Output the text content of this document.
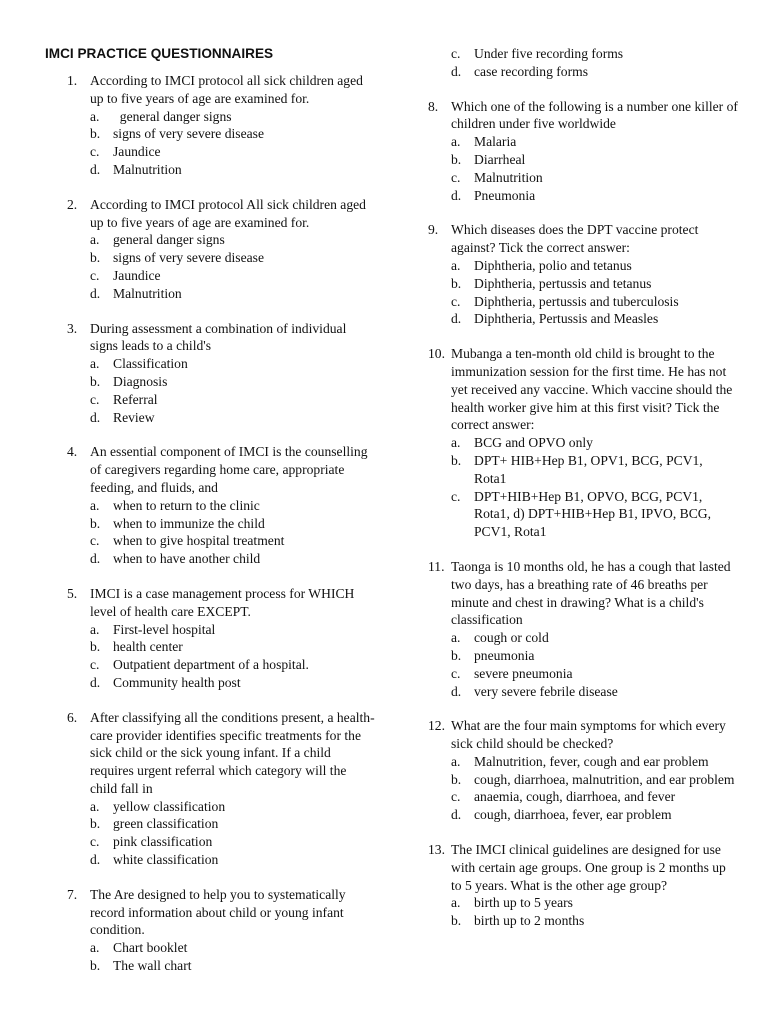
IMCI PRACTICE QUESTIONNAIRES
1. According to IMCI protocol all sick children aged up to five years of age are examined for.
a. general danger signs
b. signs of very severe disease
c. Jaundice
d. Malnutrition
2. According to IMCI protocol All sick children aged up to five years of age are examined for.
a. general danger signs
b. signs of very severe disease
c. Jaundice
d. Malnutrition
3. During assessment a combination of individual signs leads to a child's
a. Classification
b. Diagnosis
c. Referral
d. Review
4. An essential component of IMCI is the counselling of caregivers regarding home care, appropriate feeding, and fluids, and
a. when to return to the clinic
b. when to immunize the child
c. when to give hospital treatment
d. when to have another child
5. IMCI is a case management process for WHICH level of health care EXCEPT.
a. First-level hospital
b. health center
c. Outpatient department of a hospital.
d. Community health post
6. After classifying all the conditions present, a health-care provider identifies specific treatments for the sick child or the sick young infant. If a child requires urgent referral which category will the child fall in
a. yellow classification
b. green classification
c. pink classification
d. white classification
7. The Are designed to help you to systematically record information about child or young infant condition.
a. Chart booklet
b. The wall chart
c. Under five recording forms
d. case recording forms
8. Which one of the following is a number one killer of children under five worldwide
a. Malaria
b. Diarrheal
c. Malnutrition
d. Pneumonia
9. Which diseases does the DPT vaccine protect against? Tick the correct answer:
a. Diphtheria, polio and tetanus
b. Diphtheria, pertussis and tetanus
c. Diphtheria, pertussis and tuberculosis
d. Diphtheria, Pertussis and Measles
10. Mubanga a ten-month old child is brought to the immunization session for the first time. He has not yet received any vaccine. Which vaccine should the health worker give him at this first visit? Tick the correct answer:
a. BCG and OPVO only
b. DPT+ HIB+Hep B1, OPV1, BCG, PCV1, Rota1
c. DPT+HIB+Hep B1, OPVO, BCG, PCV1, Rota1, d) DPT+HIB+Hep B1, IPVO, BCG, PCV1, Rota1
11. Taonga is 10 months old, he has a cough that lasted two days, has a breathing rate of 46 breaths per minute and chest in drawing? What is a child's classification
a. cough or cold
b. pneumonia
c. severe pneumonia
d. very severe febrile disease
12. What are the four main symptoms for which every sick child should be checked?
a. Malnutrition, fever, cough and ear problem
b. cough, diarrhoea, malnutrition, and ear problem
c. anaemia, cough, diarrhoea, and fever
d. cough, diarrhoea, fever, ear problem
13. The IMCI clinical guidelines are designed for use with certain age groups. One group is 2 months up to 5 years. What is the other age group?
a. birth up to 5 years
b. birth up to 2 months
